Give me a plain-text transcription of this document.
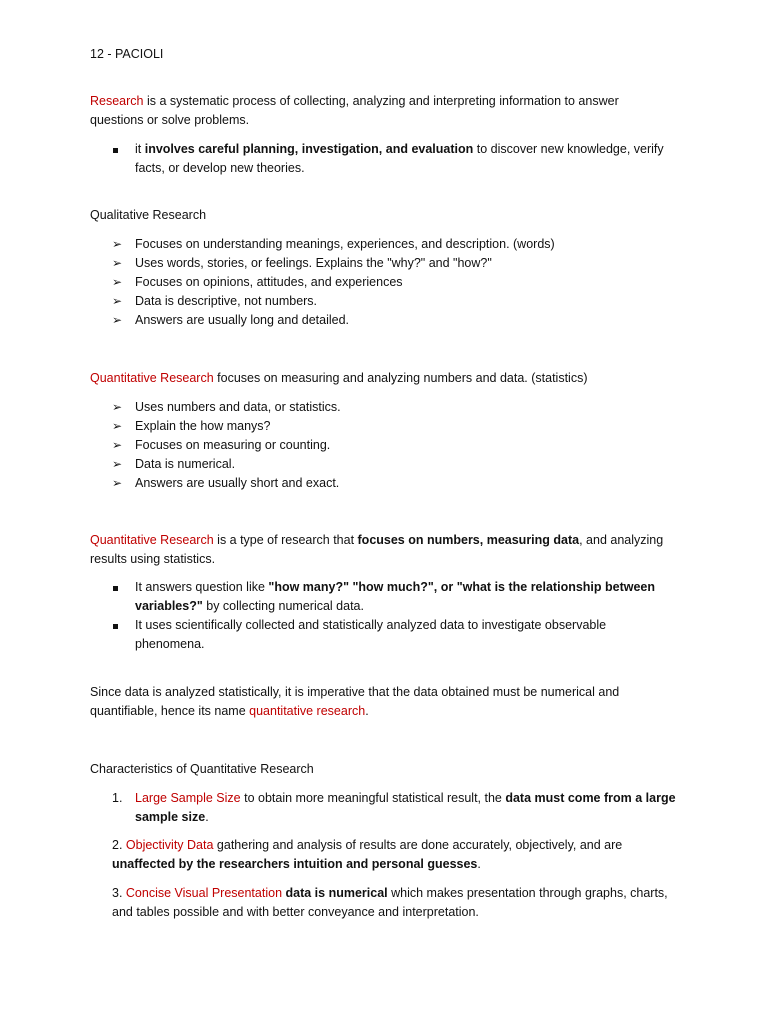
12 - PACIOLI
Research is a systematic process of collecting, analyzing and interpreting information to answer
questions or solve problems.
it involves careful planning, investigation, and evaluation to discover new knowledge, verify
facts, or develop new theories.
Qualitative Research
➢ Focuses on understanding meanings, experiences, and description. (words)
➢ Uses words, stories, or feelings. Explains the "why?" and "how?"
➢ Focuses on opinions, attitudes, and experiences
➢ Data is descriptive, not numbers.
➢ Answers are usually long and detailed.
Quantitative Research focuses on measuring and analyzing numbers and data. (statistics)
➢ Uses numbers and data, or statistics.
➢ Explain the how manys?
➢ Focuses on measuring or counting.
➢ Data is numerical.
➢ Answers are usually short and exact.
Quantitative Research is a type of research that focuses on numbers, measuring data, and analyzing
results using statistics.
It answers question like "how many?" "how much?", or "what is the relationship between
variables?" by collecting numerical data.
It uses scientifically collected and statistically analyzed data to investigate observable
phenomena.
Since data is analyzed statistically, it is imperative that the data obtained must be numerical and
quantifiable, hence its name quantitative research.
Characteristics of Quantitative Research
1. Large Sample Size to obtain more meaningful statistical result, the data must come from a large
sample size.
2. Objectivity Data gathering and analysis of results are done accurately, objectively, and are
unaffected by the researchers intuition and personal guesses.
3. Concise Visual Presentation data is numerical which makes presentation through graphs, charts,
and tables possible and with better conveyance and interpretation.
